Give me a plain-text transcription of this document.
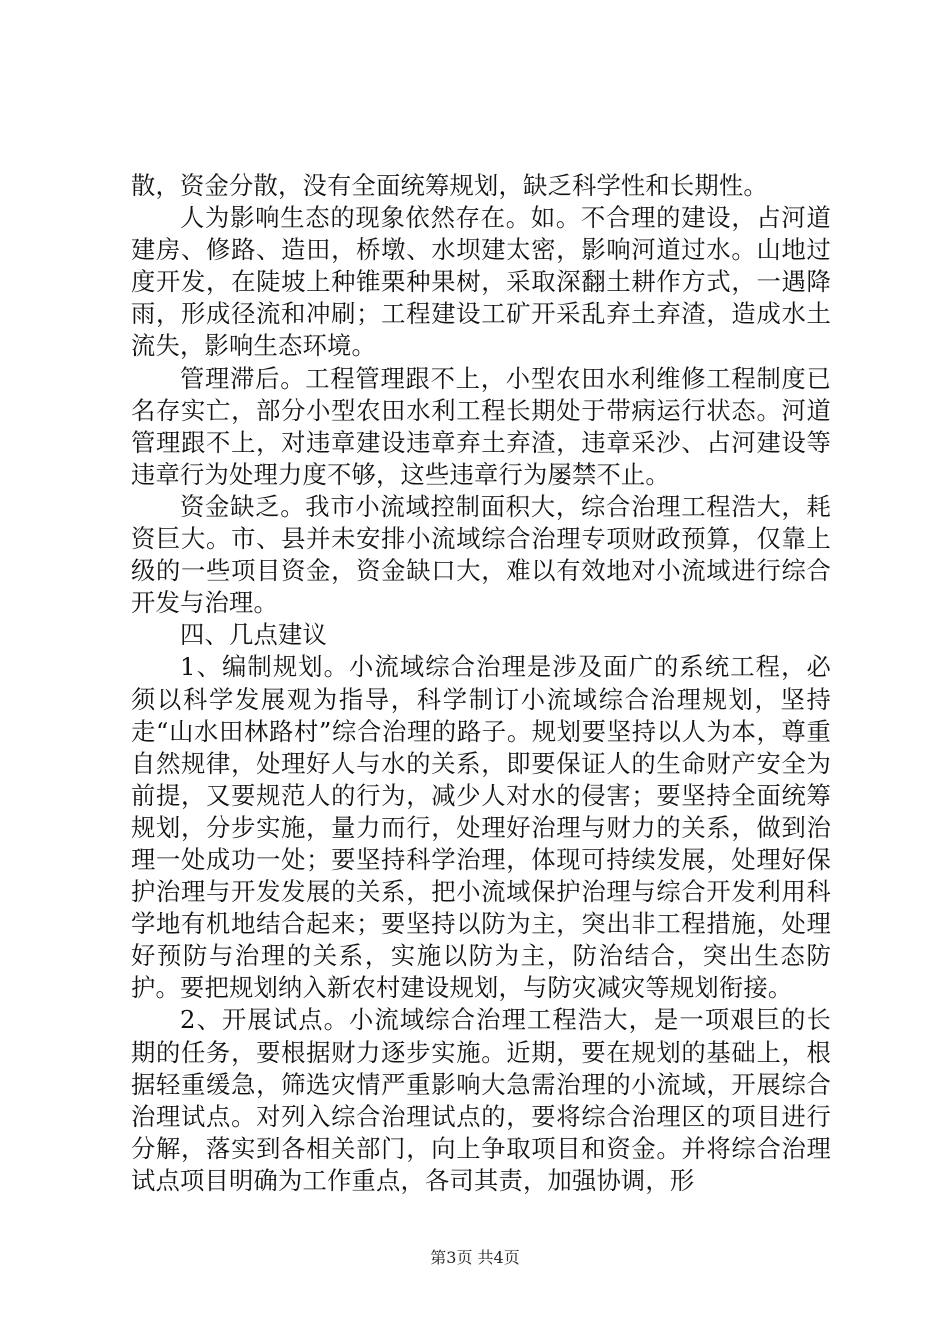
散，资金分散，没有全面统筹规划，缺乏科学性和长期性。

人为影响生态的现象依然存在。如。不合理的建设，占河道建房、修路、造田，桥墩、水坝建太密，影响河道过水。山地过度开发，在陡坡上种锥栗种果树，采取深翻土耕作方式，一遇降雨，形成径流和冲刷；工程建设工矿开采乱弃土弃渣，造成水土流失，影响生态环境。

管理滞后。工程管理跟不上，小型农田水利维修工程制度已名存实亡，部分小型农田水利工程长期处于带病运行状态。河道管理跟不上，对违章建设违章弃土弃渣，违章采沙、占河建设等违章行为处理力度不够，这些违章行为屡禁不止。

资金缺乏。我市小流域控制面积大，综合治理工程浩大，耗资巨大。市、县并未安排小流域综合治理专项财政预算，仅靠上级的一些项目资金，资金缺口大，难以有效地对小流域进行综合开发与治理。

四、几点建议

1、编制规划。小流域综合治理是涉及面广的系统工程，必须以科学发展观为指导，科学制订小流域综合治理规划，坚持走“山水田林路村”综合治理的路子。规划要坚持以人为本，尊重自然规律，处理好人与水的关系，即要保证人的生命财产安全为前提，又要规范人的行为，减少人对水的侵害；要坚持全面统筹规划，分步实施，量力而行，处理好治理与财力的关系，做到治理一处成功一处；要坚持科学治理，体现可持续发展，处理好保护治理与开发发展的关系，把小流域保护治理与综合开发利用科学地有机地结合起来；要坚持以防为主，突出非工程措施，处理好预防与治理的关系，实施以防为主，防治结合，突出生态防护。要把规划纳入新农村建设规划，与防灾减灾等规划衔接。

2、开展试点。小流域综合治理工程浩大，是一项艰巨的长期的任务，要根据财力逐步实施。近期，要在规划的基础上，根据轻重缓急，筛选灾情严重影响大急需治理的小流域，开展综合治理试点。对列入综合治理试点的，要将综合治理区的项目进行分解，落实到各相关部门，向上争取项目和资金。并将综合治理试点项目明确为工作重点，各司其责，加强协调，形

第3页 共4页
